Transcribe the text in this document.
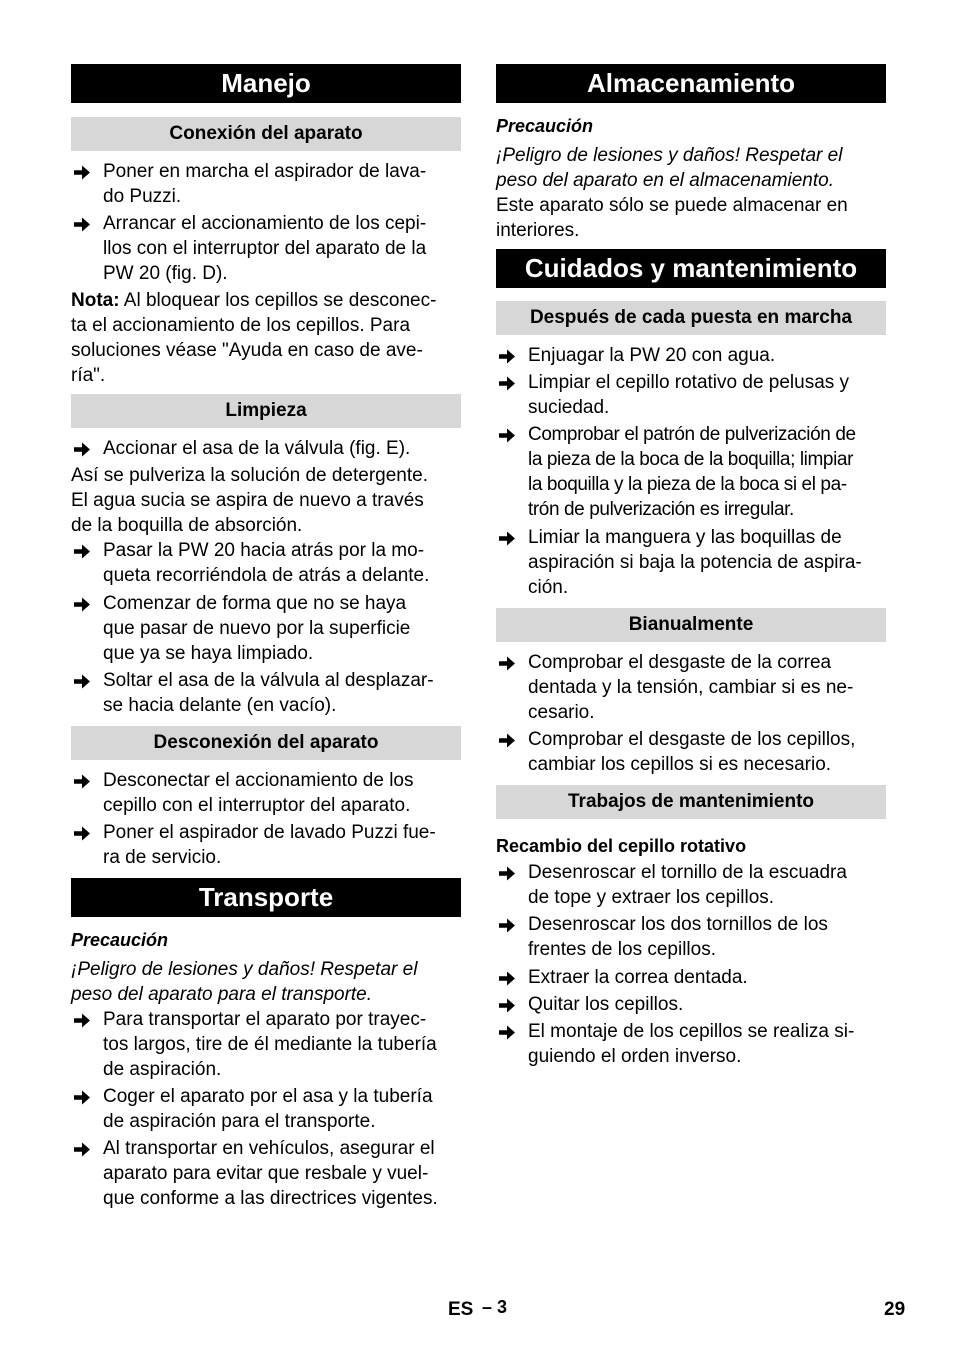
Manejo
Conexión del aparato
Poner en marcha el aspirador de lava-
do Puzzi.
Arrancar el accionamiento de los cepi-
llos con el interruptor del aparato de la
PW 20 (fig. D).
Nota: Al bloquear los cepillos se desconec-
ta el accionamiento de los cepillos. Para
soluciones véase "Ayuda en caso de ave-
ría".
Limpieza
Accionar el asa de la válvula (fig. E).
Así se pulveriza la solución de detergente.
El agua sucia se aspira de nuevo a través
de la boquilla de absorción.
Pasar la PW 20 hacia atrás por la mo-
queta recorriéndola de atrás a delante.
Comenzar de forma que no se haya
que pasar de nuevo por la superficie
que ya se haya limpiado.
Soltar el asa de la válvula al desplazar-
se hacia delante (en vacío).
Desconexión del aparato
Desconectar el accionamiento de los
cepillo con el interruptor del aparato.
Poner el aspirador de lavado Puzzi fue-
ra de servicio.
Transporte
Precaución
¡Peligro de lesiones y daños! Respetar el
peso del aparato para el transporte.
Para transportar el aparato por trayec-
tos largos, tire de él mediante la tubería
de aspiración.
Coger el aparato por el asa y la tubería
de aspiración para el transporte.
Al transportar en vehículos, asegurar el
aparato para evitar que resbale y vuel-
que conforme a las directrices vigentes.
Almacenamiento
Precaución
¡Peligro de lesiones y daños! Respetar el
peso del aparato en el almacenamiento.
Este aparato sólo se puede almacenar en
interiores.
Cuidados y mantenimiento
Después de cada puesta en marcha
Enjuagar la PW 20 con agua.
Limpiar el cepillo rotativo de pelusas y
suciedad.
Comprobar el patrón de pulverización de
la pieza de la boca de la boquilla; limpiar
la boquilla y la pieza de la boca si el pa-
trón de pulverización es irregular.
Limiar la manguera y las boquillas de
aspiración si baja la potencia de aspira-
ción.
Bianualmente
Comprobar el desgaste de la correa
dentada y la tensión, cambiar si es ne-
cesario.
Comprobar el desgaste de los cepillos,
cambiar los cepillos si es necesario.
Trabajos de mantenimiento
Recambio del cepillo rotativo
Desenroscar el tornillo de la escuadra
de tope y extraer los cepillos.
Desenroscar los dos tornillos de los
frentes de los cepillos.
Extraer la correa dentada.
Quitar los cepillos.
El montaje de los cepillos se realiza si-
guiendo el orden inverso.
ES – 3	29
